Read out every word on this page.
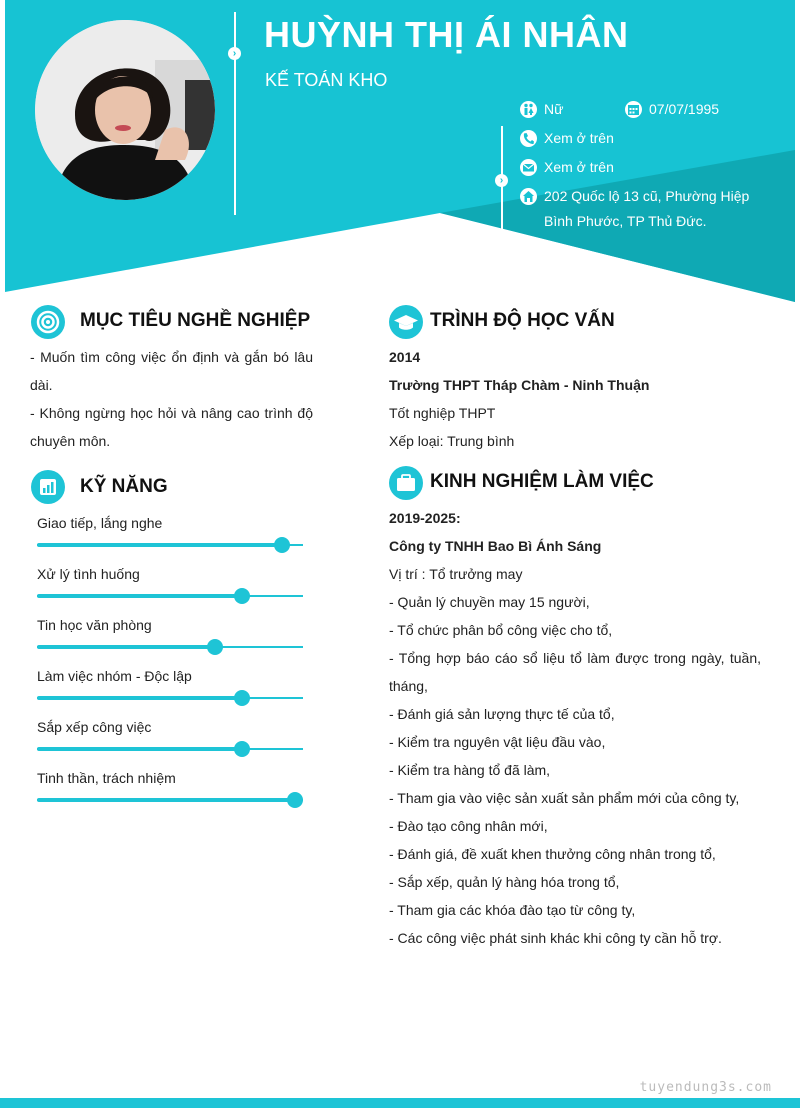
›
›
HUỲNH THỊ ÁI NHÂN
KẾ TOÁN KHO
Nữ	07/07/1995
Xem ở trên
Xem ở trên
202 Quốc lộ 13 cũ, Phường Hiệp
Bình Phước, TP Thủ Đức.
MỤC TIÊU NGHỀ NGHIỆP
- Muốn tìm công việc ổn định và gắn bó lâu
dài.
- Không ngừng học hỏi và nâng cao trình độ
chuyên môn.
KỸ NĂNG
Giao tiếp, lắng nghe
Xử lý tình huống
Tin học văn phòng
Làm việc nhóm - Độc lập
Sắp xếp công việc
Tinh thần, trách nhiệm
TRÌNH ĐỘ HỌC VẤN
2014
Trường THPT Tháp Chàm - Ninh Thuận
Tốt nghiệp THPT
Xếp loại: Trung bình
KINH NGHIỆM LÀM VIỆC
2019-2025:
Công ty TNHH Bao Bì Ánh Sáng
Vị trí : Tổ trưởng may
- Quản lý chuyền may 15 người,
- Tổ chức phân bổ công việc cho tổ,
- Tổng hợp báo cáo sổ liệu tổ làm được trong ngày, tuần,
tháng,
- Đánh giá sản lượng thực tế của tổ,
- Kiểm tra nguyên vật liệu đầu vào,
- Kiểm tra hàng tổ đã làm,
- Tham gia vào việc sản xuất sản phẩm mới của công ty,
- Đào tạo công nhân mới,
- Đánh giá, đề xuất khen thưởng công nhân trong tổ,
- Sắp xếp, quản lý hàng hóa trong tổ,
- Tham gia các khóa đào tạo từ công ty,
- Các công việc phát sinh khác khi công ty cần hỗ trợ.
tuyendung3s.com
